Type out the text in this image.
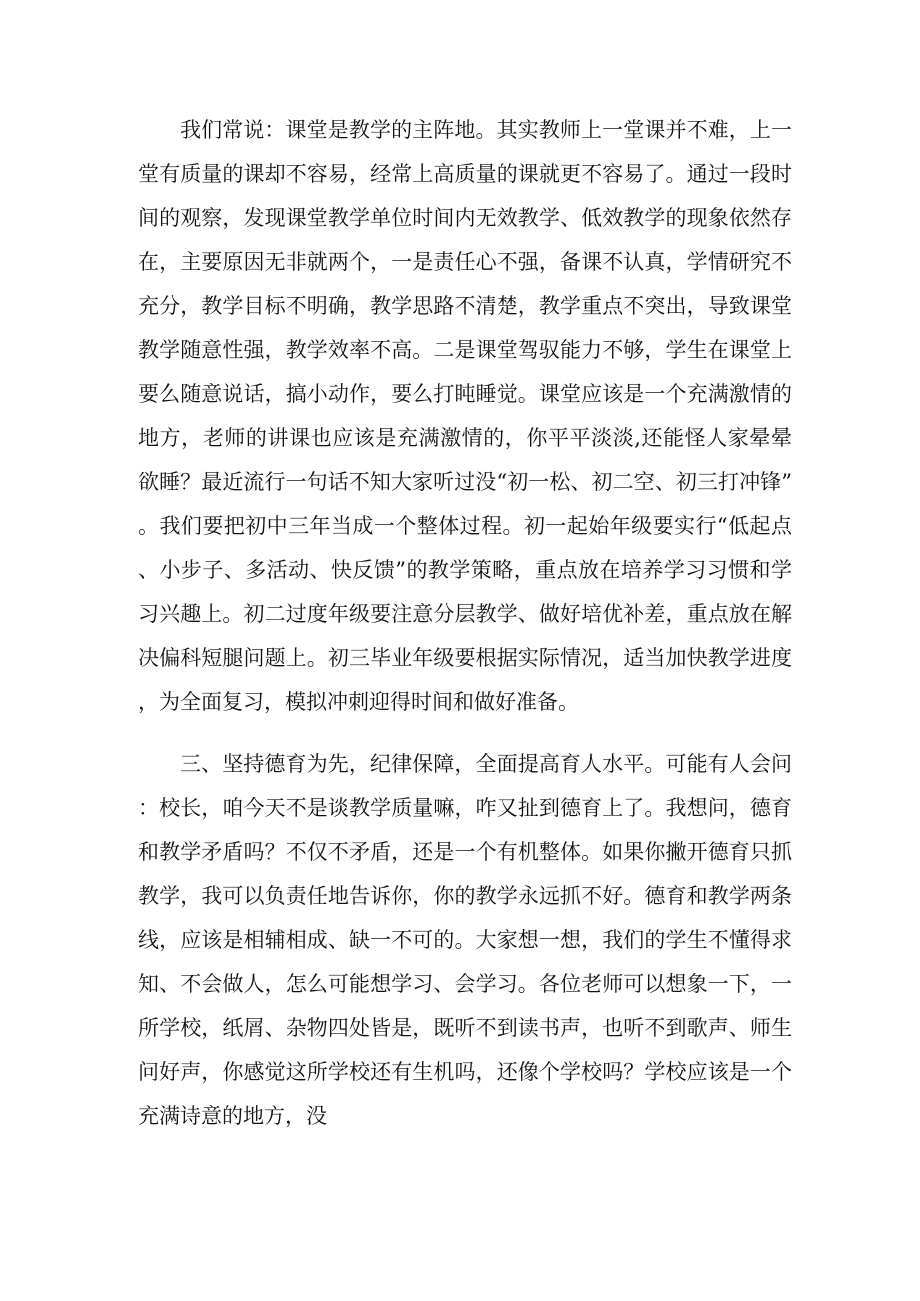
我们常说：课堂是教学的主阵地。其实教师上一堂课并不难，上一堂有质量的课却不容易，经常上高质量的课就更不容易了。通过一段时间的观察，发现课堂教学单位时间内无效教学、低效教学的现象依然存在，主要原因无非就两个，一是责任心不强，备课不认真，学情研究不充分，教学目标不明确，教学思路不清楚，教学重点不突出，导致课堂教学随意性强，教学效率不高。二是课堂驾驭能力不够，学生在课堂上要么随意说话，搞小动作，要么打盹睡觉。课堂应该是一个充满激情的地方，老师的讲课也应该是充满激情的，你平平淡淡,还能怪人家晕晕欲睡？最近流行一句话不知大家听过没“初一松、初二空、初三打冲锋”。我们要把初中三年当成一个整体过程。初一起始年级要实行“低起点、小步子、多活动、快反馈”的教学策略，重点放在培养学习习惯和学习兴趣上。初二过度年级要注意分层教学、做好培优补差，重点放在解决偏科短腿问题上。初三毕业年级要根据实际情况，适当加快教学进度，为全面复习，模拟冲刺迎得时间和做好准备。

三、坚持德育为先，纪律保障，全面提高育人水平。可能有人会问：校长，咱今天不是谈教学质量嘛，咋又扯到德育上了。我想问，德育和教学矛盾吗？不仅不矛盾，还是一个有机整体。如果你撇开德育只抓教学，我可以负责任地告诉你，你的教学永远抓不好。德育和教学两条线，应该是相辅相成、缺一不可的。大家想一想，我们的学生不懂得求知、不会做人，怎么可能想学习、会学习。各位老师可以想象一下，一所学校，纸屑、杂物四处皆是，既听不到读书声，也听不到歌声、师生问好声，你感觉这所学校还有生机吗，还像个学校吗？学校应该是一个充满诗意的地方，没
